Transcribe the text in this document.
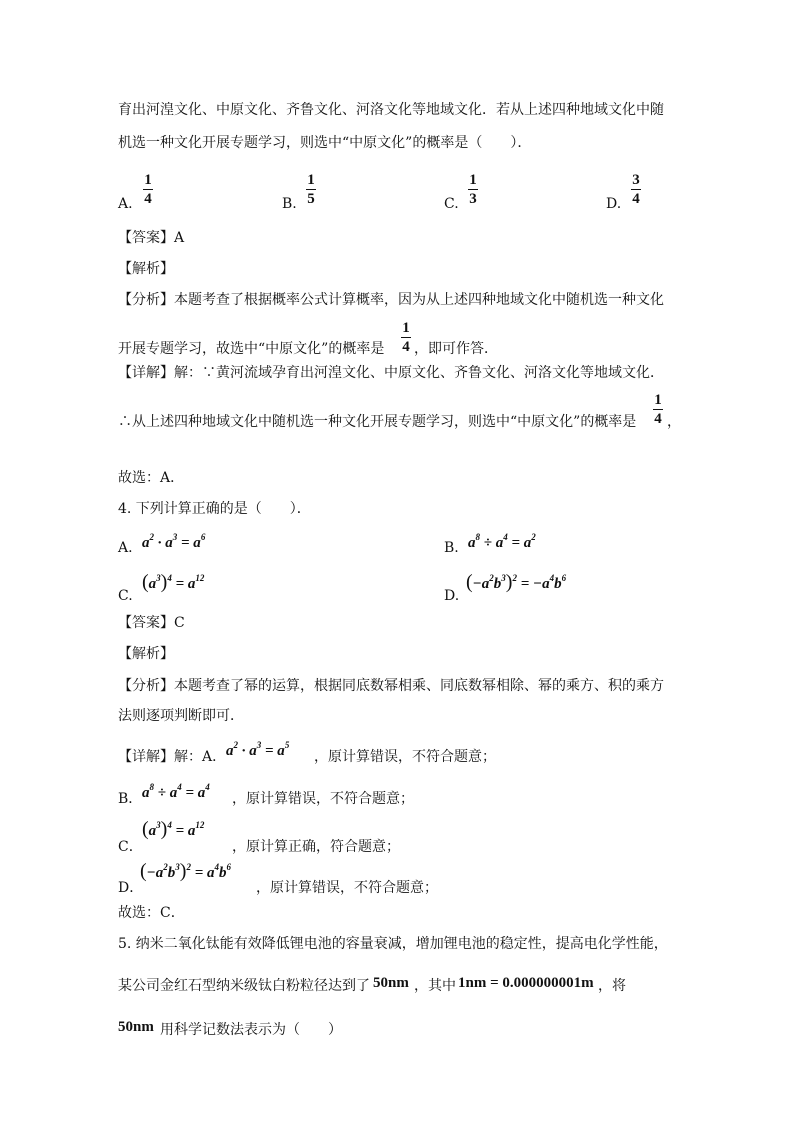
育出河湟文化、中原文化、齐鲁文化、河洛文化等地域文化．若从上述四种地域文化中随
机选一种文化开展专题学习，则选中“中原文化”的概率是（　　）．
A.
1
4	B.
1
5	C.
1
3	D.
3
4
【答案】A
【解析】
【分析】本题考查了根据概率公式计算概率，因为从上述四种地域文化中随机选一种文化
开展专题学习，故选中“中原文化”的概率是
1
4 ，即可作答．
【详解】解：∵黄河流域孕育出河湟文化、中原文化、齐鲁文化、河洛文化等地域文化．
∴从上述四种地域文化中随机选一种文化开展专题学习，则选中“中原文化”的概率是
1
4 ，
故选：A．
4. 下列计算正确的是（　　）．
A. $a^2 \cdot a^3 = a^6$
B. $a^8 \div a^4 = a^2$
C.
$(a^3)^4 = a^{12}$
D.
$(-a^2b^3)^2 = -a^4b^6$
【答案】C
【解析】
【分析】本题考查了幂的运算，根据同底数幂相乘、同底数幂相除、幂的乘方、积的乘方
法则逐项判断即可．
【详解】解：A． $a^2 \cdot a^3 = a^5$
，原计算错误，不符合题意；
B． $a^8 \div a^4 = a^4$
，原计算错误，不符合题意；
C．
$(a^3)^4 = a^{12}$
，原计算正确，符合题意；
D．
$(-a^2b^3)^2 = a^4b^6$
，原计算错误，不符合题意；
故选：C．
5. 纳米二氧化钛能有效降低锂电池的容量衰减，增加锂电池的稳定性，提高电化学性能，
某公司金红石型纳米级钛白粉粒径达到了 50nm ，其中 1nm = 0.000000001m ，将
50nm 用科学记数法表示为（　　）
